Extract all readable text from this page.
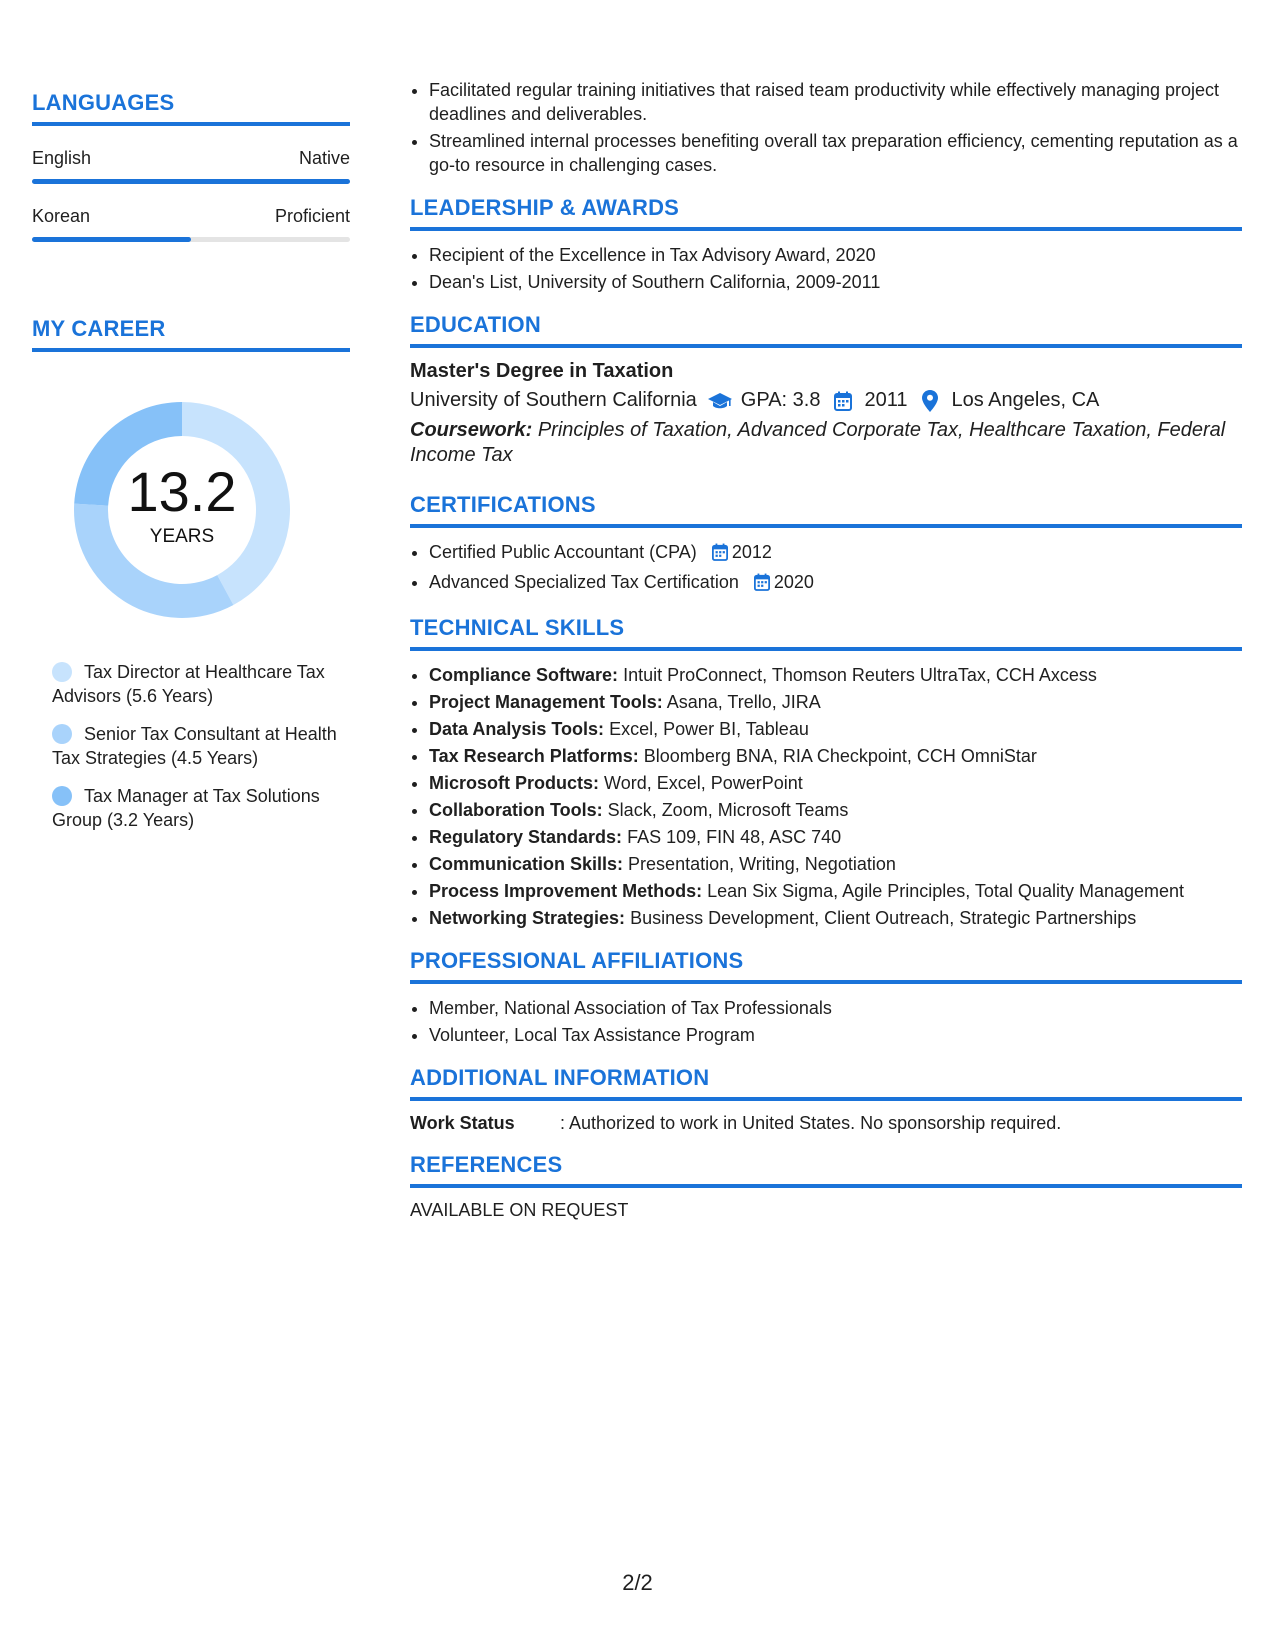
LANGUAGES
English	Native
Korean	Proficient
MY CAREER
13.2
YEARS
Tax Director at Healthcare Tax Advisors (5.6 Years)
Senior Tax Consultant at Health Tax Strategies (4.5 Years)
Tax Manager at Tax Solutions Group (3.2 Years)
• Facilitated regular training initiatives that raised team productivity while effectively managing project deadlines and deliverables.
• Streamlined internal processes benefiting overall tax preparation efficiency, cementing reputation as a go-to resource in challenging cases.
LEADERSHIP & AWARDS
• Recipient of the Excellence in Tax Advisory Award, 2020
• Dean's List, University of Southern California, 2009-2011
EDUCATION
Master's Degree in Taxation
University of Southern California GPA: 3.8 2011 Los Angeles, CA
Coursework: Principles of Taxation, Advanced Corporate Tax, Healthcare Taxation, Federal Income Tax
CERTIFICATIONS
• Certified Public Accountant (CPA) 2012
• Advanced Specialized Tax Certification 2020
TECHNICAL SKILLS
• Compliance Software: Intuit ProConnect, Thomson Reuters UltraTax, CCH Axcess
• Project Management Tools: Asana, Trello, JIRA
• Data Analysis Tools: Excel, Power BI, Tableau
• Tax Research Platforms: Bloomberg BNA, RIA Checkpoint, CCH OmniStar
• Microsoft Products: Word, Excel, PowerPoint
• Collaboration Tools: Slack, Zoom, Microsoft Teams
• Regulatory Standards: FAS 109, FIN 48, ASC 740
• Communication Skills: Presentation, Writing, Negotiation
• Process Improvement Methods: Lean Six Sigma, Agile Principles, Total Quality Management
• Networking Strategies: Business Development, Client Outreach, Strategic Partnerships
PROFESSIONAL AFFILIATIONS
• Member, National Association of Tax Professionals
• Volunteer, Local Tax Assistance Program
ADDITIONAL INFORMATION
Work Status	: Authorized to work in United States. No sponsorship required.
REFERENCES
AVAILABLE ON REQUEST
2/2
